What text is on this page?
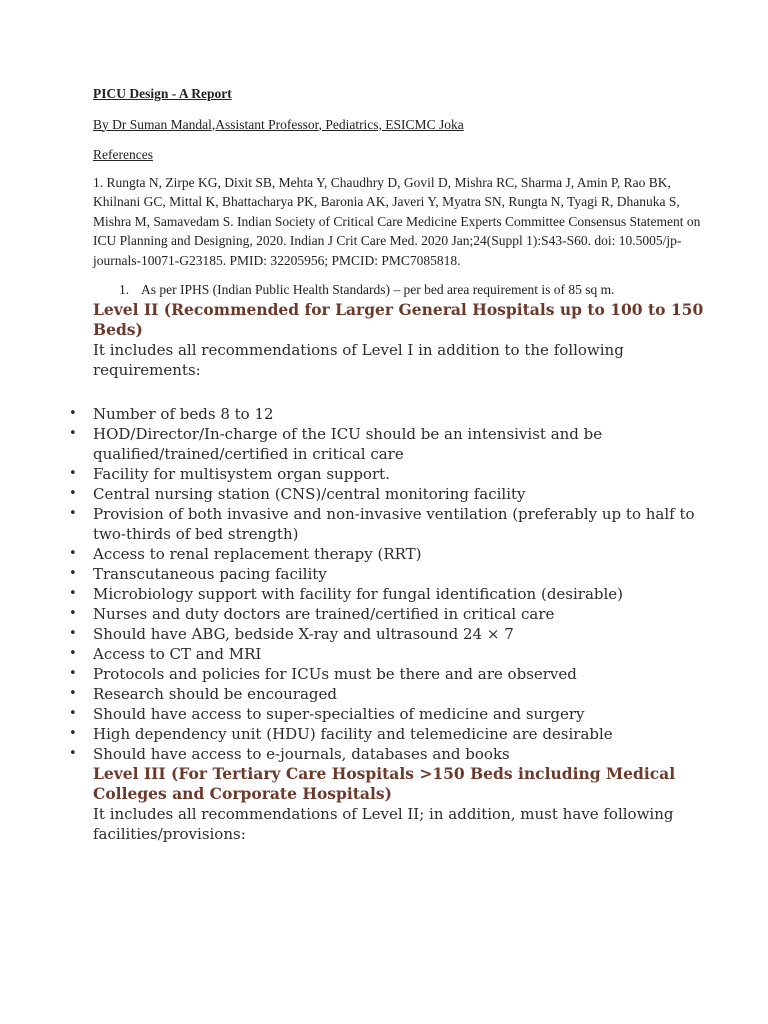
PICU Design - A Report

By Dr Suman Mandal,Assistant Professor, Pediatrics, ESICMC Joka

References

1. Rungta N, Zirpe KG, Dixit SB, Mehta Y, Chaudhry D, Govil D, Mishra RC, Sharma J, Amin P, Rao BK, Khilnani GC, Mittal K, Bhattacharya PK, Baronia AK, Javeri Y, Myatra SN, Rungta N, Tyagi R, Dhanuka S, Mishra M, Samavedam S. Indian Society of Critical Care Medicine Experts Committee Consensus Statement on ICU Planning and Designing, 2020. Indian J Crit Care Med. 2020 Jan;24(Suppl 1):S43-S60. doi: 10.5005/jp-journals-10071-G23185. PMID: 32205956; PMCID: PMC7085818.

1. As per IPHS (Indian Public Health Standards) – per bed area requirement is of 85 sq m.
Level II (Recommended for Larger General Hospitals up to 100 to 150 Beds)

It includes all recommendations of Level I in addition to the following requirements:

• Number of beds 8 to 12
• HOD/Director/In-charge of the ICU should be an intensivist and be qualified/trained/certified in critical care
• Facility for multisystem organ support.
• Central nursing station (CNS)/central monitoring facility
• Provision of both invasive and non-invasive ventilation (preferably up to half to two-thirds of bed strength)
• Access to renal replacement therapy (RRT)
• Transcutaneous pacing facility
• Microbiology support with facility for fungal identification (desirable)
• Nurses and duty doctors are trained/certified in critical care
• Should have ABG, bedside X-ray and ultrasound 24 × 7
• Access to CT and MRI
• Protocols and policies for ICUs must be there and are observed
• Research should be encouraged
• Should have access to super-specialties of medicine and surgery
• High dependency unit (HDU) facility and telemedicine are desirable
• Should have access to e-journals, databases and books
Level III (For Tertiary Care Hospitals >150 Beds including Medical Colleges and Corporate Hospitals)

It includes all recommendations of Level II; in addition, must have following facilities/provisions:
